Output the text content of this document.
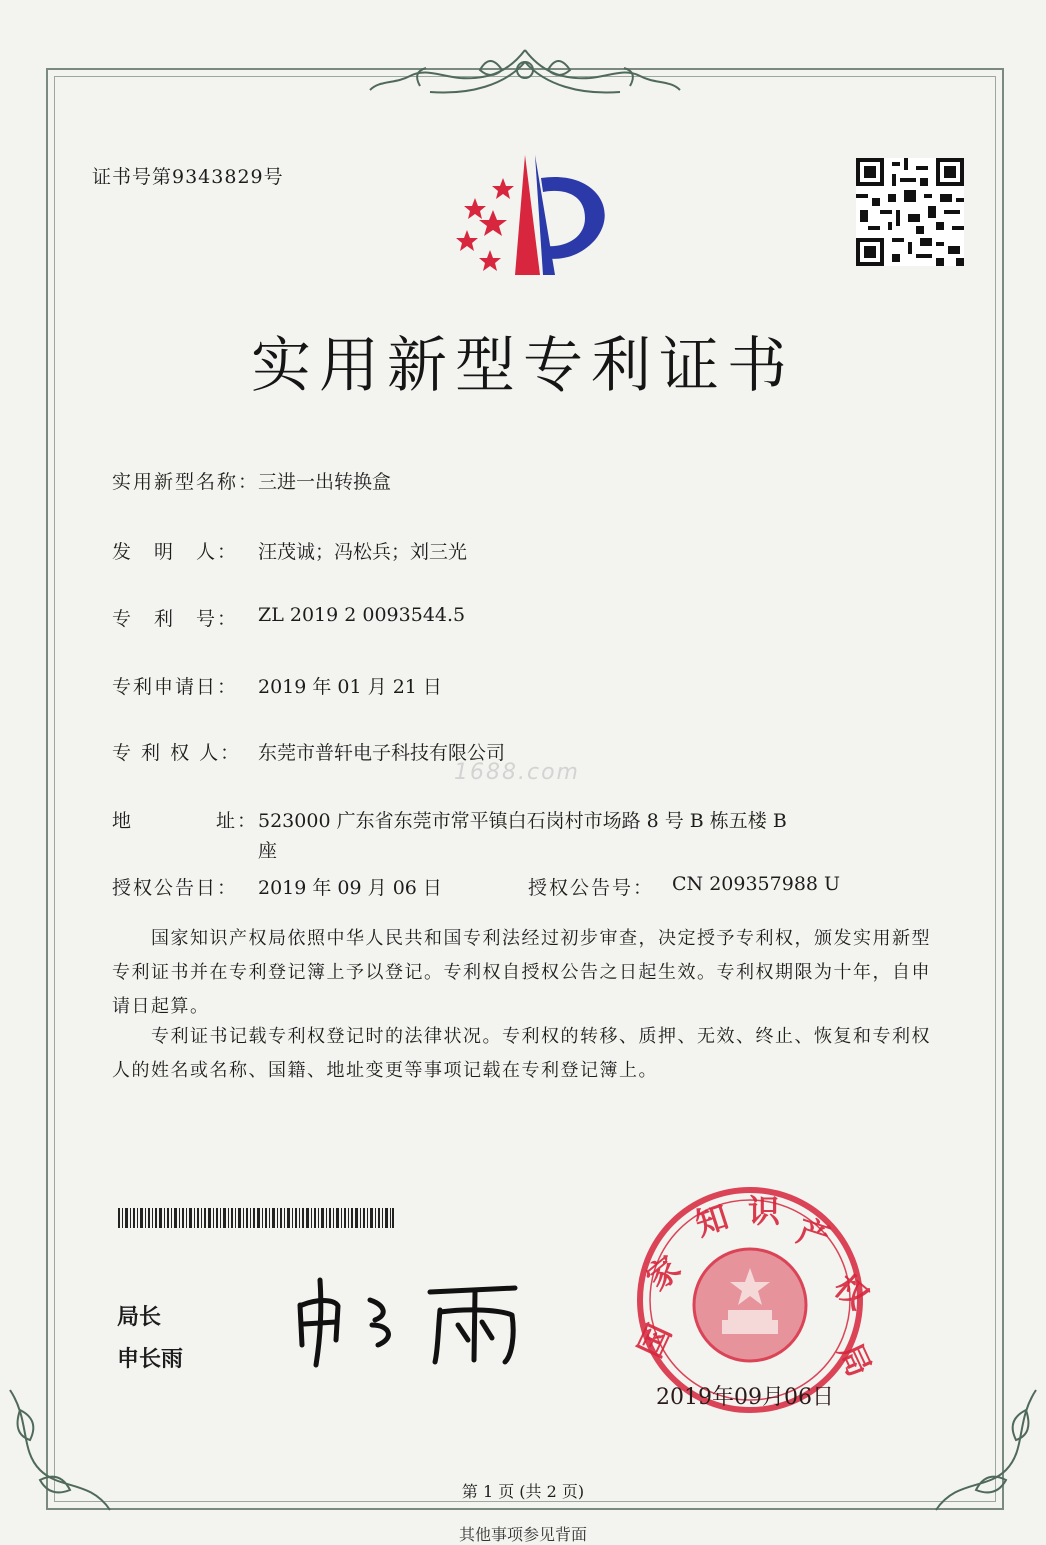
证书号第9343829号
实用新型专利证书
实用新型名称：
三进一出转换盒
发　明　人： 汪茂诚；冯松兵；刘三光
专　利　号： ZL 2019 2 0093544.5
专利申请日： 2019 年 01 月 21 日
专 利 权 人： 东莞市普轩电子科技有限公司
1688.com
地	址： 523000 广东省东莞市常平镇白石岗村市场路 8 号 B 栋五楼 B
座
授权公告日： 2019 年 09 月 06 日	授权公告号： CN 209357988 U
　　国家知识产权局依照中华人民共和国专利法经过初步审查，决定授予专利权，颁发实用新型专利证书并在专利登记簿上予以登记。专利权自授权公告之日起生效。专利权期限为十年，自申请日起算。
　　专利证书记载专利权登记时的法律状况。专利权的转移、质押、无效、终止、恢复和专利权人的姓名或名称、国籍、地址变更等事项记载在专利登记簿上。
局长
申长雨	国
家
知 识
产
权
局
2019年09月06日
第 1 页 (共 2 页)
其他事项参见背面
